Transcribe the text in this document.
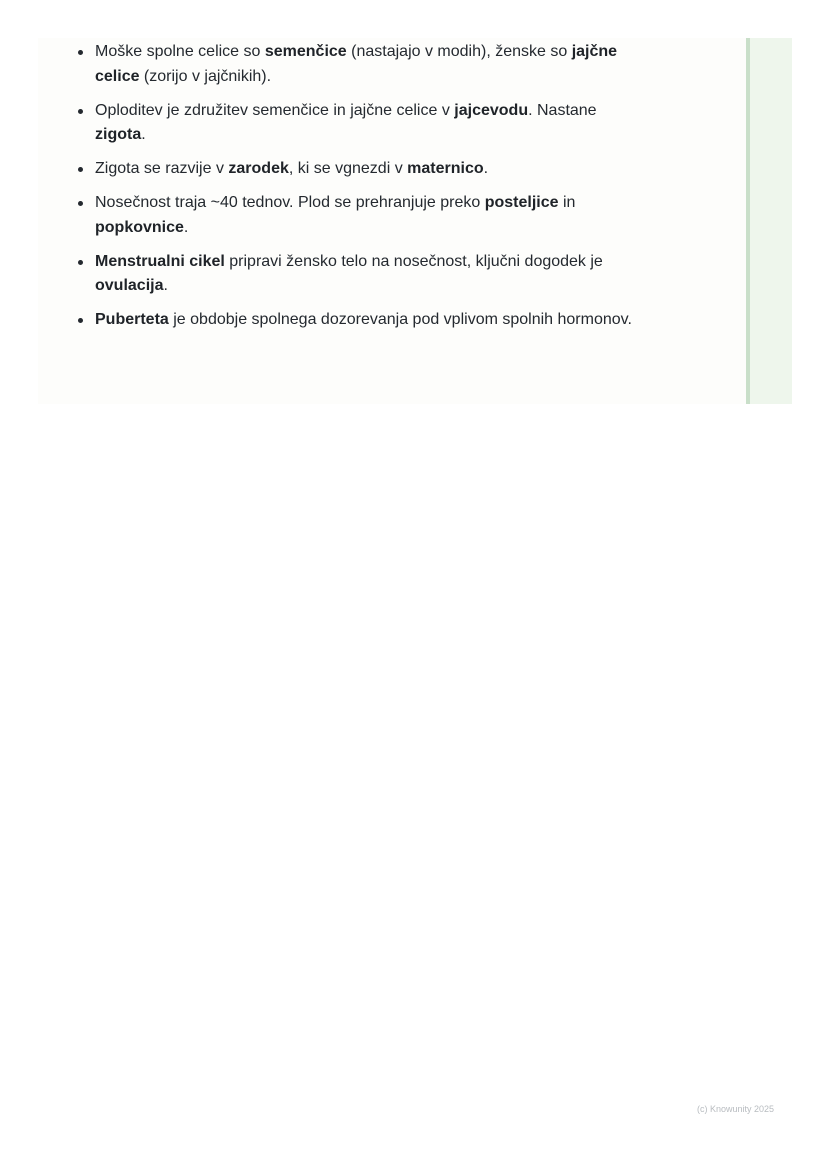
Moške spolne celice so semenčice (nastajajo v modih), ženske so jajčne celice (zorijo v jajčnikih).
Oploditev je združitev semenčice in jajčne celice v jajcevodu. Nastane zigota.
Zigota se razvije v zarodek, ki se vgnezdi v maternico.
Nosečnost traja ~40 tednov. Plod se prehranjuje preko posteljice in popkovnice.
Menstrualni cikel pripravi žensko telo na nosečnost, ključni dogodek je ovulacija.
Puberteta je obdobje spolnega dozorevanja pod vplivom spolnih hormonov.
(c) Knowunity 2025
